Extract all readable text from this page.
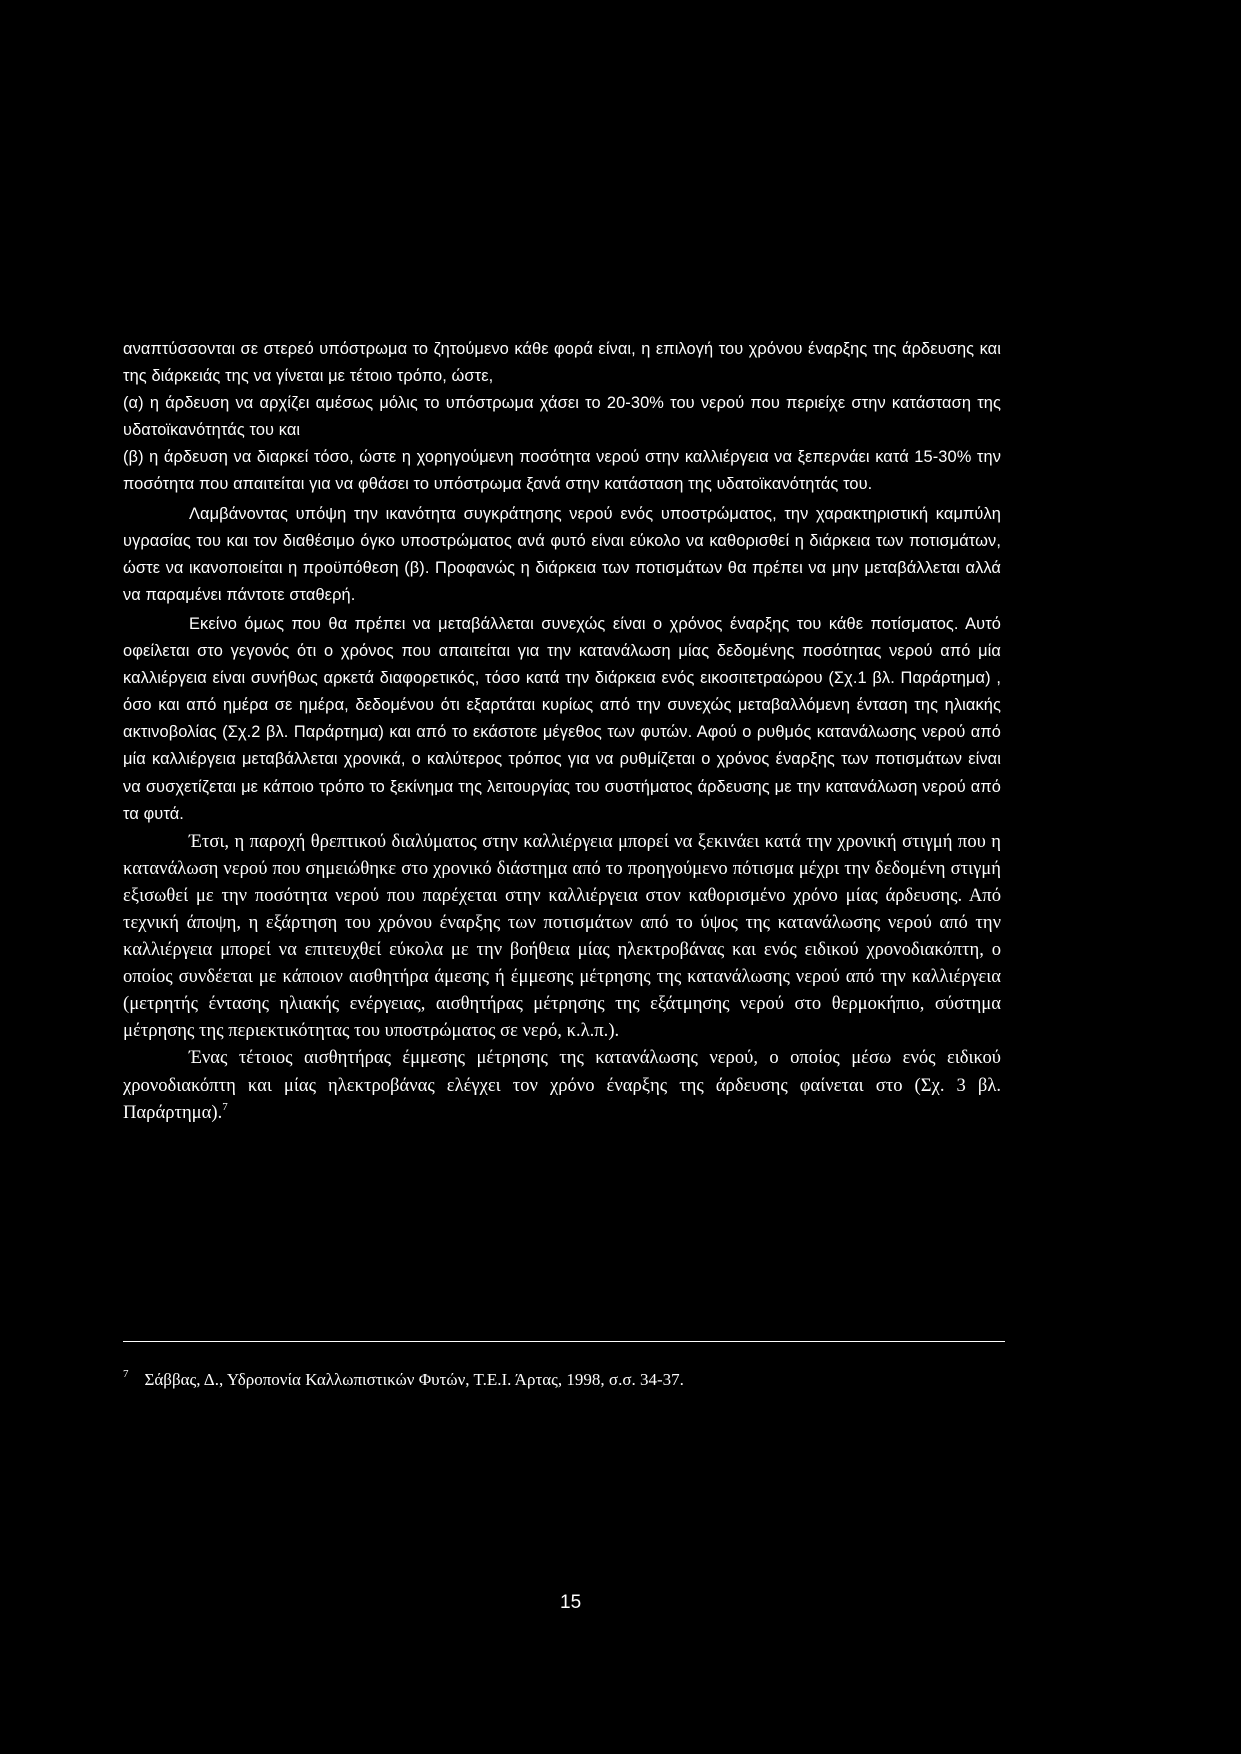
αναπτύσσονται σε στερεό υπόστρωμα το ζητούμενο κάθε φορά είναι, η επιλογή του χρόνου έναρξης της άρδευσης και της διάρκειάς της να γίνεται με τέτοιο τρόπο, ώστε,

(α) η άρδευση να αρχίζει αμέσως μόλις το υπόστρωμα χάσει το 20-30% του νερού που περιείχε στην κατάσταση της υδατοϊκανότητάς του και

(β) η άρδευση να διαρκεί τόσο, ώστε η χορηγούμενη ποσότητα νερού στην καλλιέργεια να ξεπερνάει κατά 15-30% την ποσότητα που απαιτείται για να φθάσει το υπόστρωμα ξανά στην κατάσταση της υδατοϊκανότητάς του.

Λαμβάνοντας υπόψη την ικανότητα συγκράτησης νερού ενός υποστρώματος, την χαρακτηριστική καμπύλη υγρασίας του και τον διαθέσιμο όγκο υποστρώματος ανά φυτό είναι εύκολο να καθορισθεί η διάρκεια των ποτισμάτων, ώστε να ικανοποιείται η προϋπόθεση (β). Προφανώς η διάρκεια των ποτισμάτων θα πρέπει να μην μεταβάλλεται αλλά να παραμένει πάντοτε σταθερή.

Εκείνο όμως που θα πρέπει να μεταβάλλεται συνεχώς είναι ο χρόνος έναρξης του κάθε ποτίσματος. Αυτό οφείλεται στο γεγονός ότι ο χρόνος που απαιτείται για την κατανάλωση μίας δεδομένης ποσότητας νερού από μία καλλιέργεια είναι συνήθως αρκετά διαφορετικός, τόσο κατά την διάρκεια ενός εικοσιτετραώρου (Σχ.1 βλ. Παράρτημα) , όσο και από ημέρα σε ημέρα, δεδομένου ότι εξαρτάται κυρίως από την συνεχώς μεταβαλλόμενη ένταση της ηλιακής ακτινοβολίας (Σχ.2 βλ. Παράρτημα) και από το εκάστοτε μέγεθος των φυτών. Αφού ο ρυθμός κατανάλωσης νερού από μία καλλιέργεια μεταβάλλεται χρονικά, ο καλύτερος τρόπος για να ρυθμίζεται ο χρόνος έναρξης των ποτισμάτων είναι να συσχετίζεται με κάποιο τρόπο το ξεκίνημα της λειτουργίας του συστήματος άρδευσης με την κατανάλωση νερού από τα φυτά.

Έτσι, η παροχή θρεπτικού διαλύματος στην καλλιέργεια μπορεί να ξεκινάει κατά την χρονική στιγμή που η κατανάλωση νερού που σημειώθηκε στο χρονικό διάστημα από το προηγούμενο πότισμα μέχρι την δεδομένη στιγμή εξισωθεί με την ποσότητα νερού που παρέχεται στην καλλιέργεια στον καθορισμένο χρόνο μίας άρδευσης. Από τεχνική άποψη, η εξάρτηση του χρόνου έναρξης των ποτισμάτων από το ύψος της κατανάλωσης νερού από την καλλιέργεια μπορεί να επιτευχθεί εύκολα με την βοήθεια μίας ηλεκτροβάνας και ενός ειδικού χρονοδιακόπτη, ο οποίος συνδέεται με κάποιον αισθητήρα άμεσης ή έμμεσης μέτρησης της κατανάλωσης νερού από την καλλιέργεια (μετρητής έντασης ηλιακής ενέργειας, αισθητήρας μέτρησης της εξάτμησης νερού στο θερμοκήπιο, σύστημα μέτρησης της περιεκτικότητας του υποστρώματος σε νερό, κ.λ.π.).

Ένας τέτοιος αισθητήρας έμμεσης μέτρησης της κατανάλωσης νερού, ο οποίος μέσω ενός ειδικού χρονοδιακόπτη και μίας ηλεκτροβάνας ελέγχει τον χρόνο έναρξης της άρδευσης φαίνεται στο (Σχ. 3 βλ. Παράρτημα).$^7$

$^7$ Σάββας, Δ., Υδροπονία Καλλωπιστικών Φυτών, Τ.Ε.Ι. Άρτας, 1998, σ.σ. 34-37.
15
